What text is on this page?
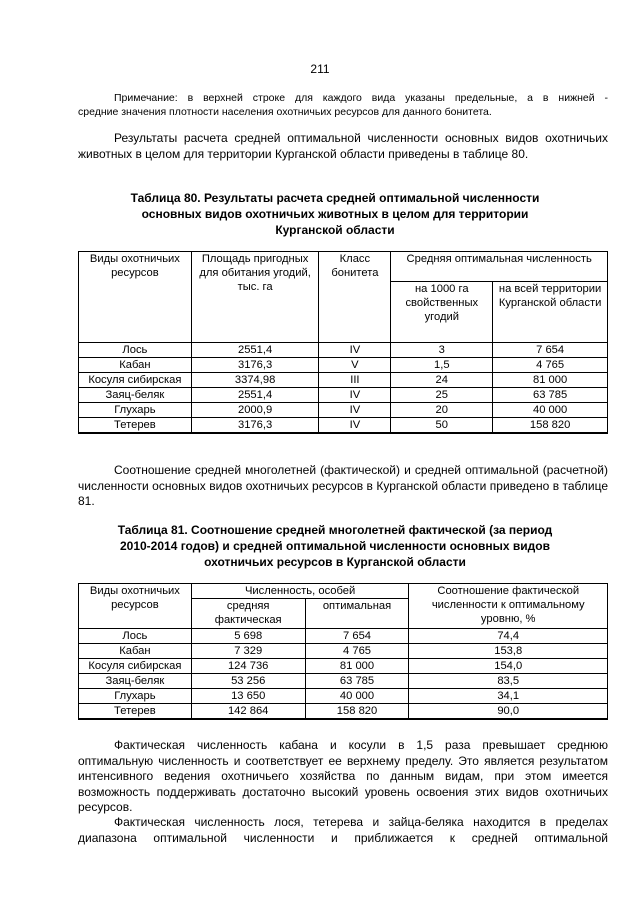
211
Примечание: в верхней строке для каждого вида указаны предельные, а в нижней -
средние значения плотности населения охотничьих ресурсов для данного бонитета.
Результаты расчета средней оптимальной численности основных видов охотничьих животных в целом для территории Курганской области приведены в таблице 80.
Таблица 80. Результаты расчета средней оптимальной численности основных видов охотничьих животных в целом для территории Курганской области
Виды охотничьих ресурсов	Площадь пригодных для обитания угодий, тыс. га	Класс бонитета	Средняя оптимальная численность	
			на 1000 га свойственных угодий	на всей территории Курганской области
Лось	2551,4	IV	3	7 654
Кабан	3176,3	V	1,5	4 765
Косуля сибирская	3374,98	III	24	81 000
Заяц-беляк	2551,4	IV	25	63 785
Глухарь	2000,9	IV	20	40 000
Тетерев	3176,3	IV	50	158 820
Соотношение средней многолетней (фактической) и средней оптимальной (расчетной) численности основных видов охотничьих ресурсов в Курганской области приведено в таблице 81.
Таблица 81. Соотношение средней многолетней фактической (за период 2010-2014 годов) и средней оптимальной численности основных видов охотничьих ресурсов в Курганской области
Виды охотничьих ресурсов	Численность, особей		Соотношение фактической численности к оптимальному уровню, %
	средняя фактическая	оптимальная	
Лось	5 698	7 654	74,4
Кабан	7 329	4 765	153,8
Косуля сибирская	124 736	81 000	154,0
Заяц-беляк	53 256	63 785	83,5
Глухарь	13 650	40 000	34,1
Тетерев	142 864	158 820	90,0
Фактическая численность кабана и косули в 1,5 раза превышает среднюю оптимальную численность и соответствует ее верхнему пределу. Это является результатом интенсивного ведения охотничьего хозяйства по данным видам, при этом имеется возможность поддерживать достаточно высокий уровень освоения этих видов охотничьих ресурсов.
Фактическая численность лося, тетерева и зайца-беляка находится в пределах диапазона оптимальной численности и приближается к средней оптимальной
